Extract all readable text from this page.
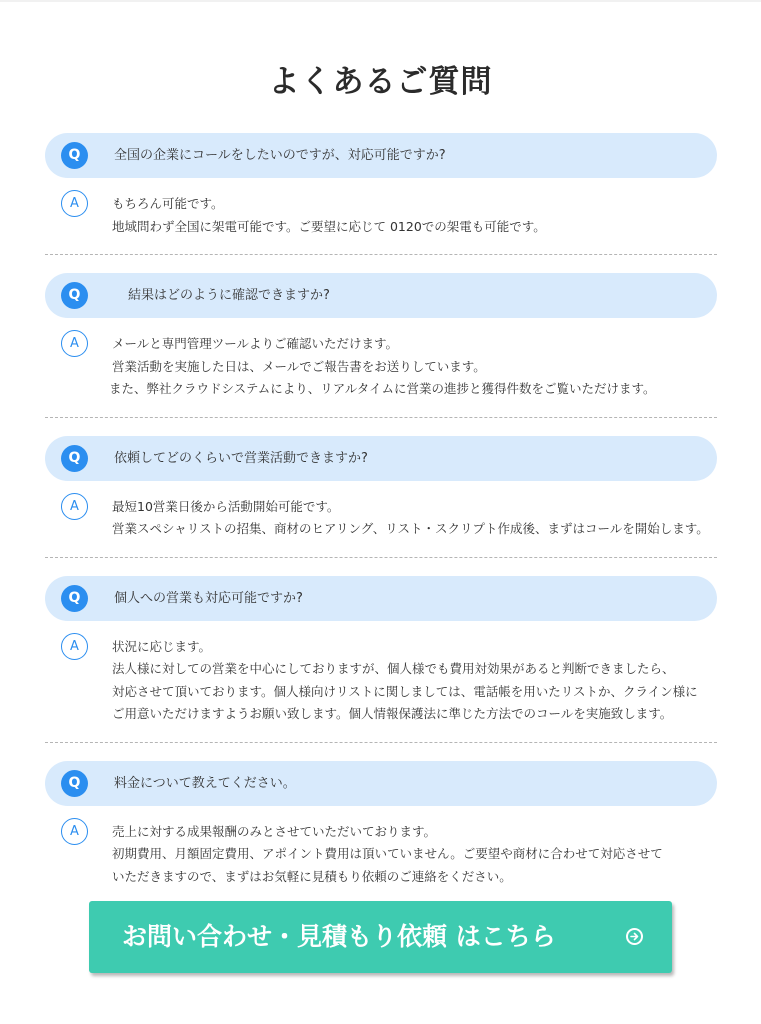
よくあるご質問
Q	全国の企業にコールをしたいのですが、対応可能ですか?
A	もちろん可能です。
地域問わず全国に架電可能です。ご要望に応じて 0120での架電も可能です。
Q	結果はどのように確認できますか?
A	メールと専門管理ツールよりご確認いただけます。
営業活動を実施した日は、メールでご報告書をお送りしています。
また、弊社クラウドシステムにより、リアルタイムに営業の進捗と獲得件数をご覧いただけます。
Q	依頼してどのくらいで営業活動できますか?
A	最短10営業日後から活動開始可能です。
営業スペシャリストの招集、商材のヒアリング、リスト・スクリプト作成後、まずはコールを開始します。
Q	個人への営業も対応可能ですか?
A	状況に応じます。
法人様に対しての営業を中心にしておりますが、個人様でも費用対効果があると判断できましたら、
対応させて頂いております。個人様向けリストに関しましては、電話帳を用いたリストか、クライン様に
ご用意いただけますようお願い致します。個人情報保護法に準じた方法でのコールを実施致します。
Q	料金について教えてください。
A	売上に対する成果報酬のみとさせていただいております。
初期費用、月額固定費用、アポイント費用は頂いていません。ご要望や商材に合わせて対応させて
いただきますので、まずはお気軽に見積もり依頼のご連絡をください。
お問い合わせ・見積もり依頼 はこちら
